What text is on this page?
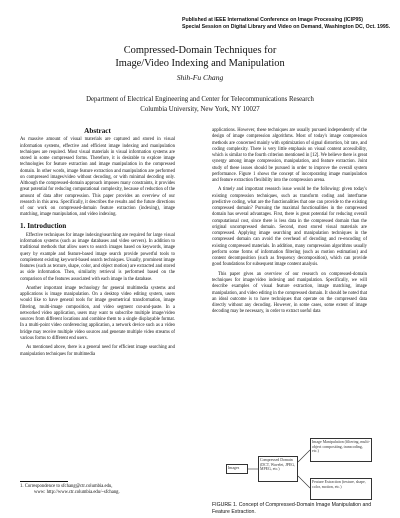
Published at IEEE International Conference on Image Processing (ICIP95)
Special Session on Digital Library and Video on Demand, Washington DC, Oct. 1995.
Compressed-Domain Techniques for
Image/Video Indexing and Manipulation
Shih-Fu Chang
Department of Electrical Engineering and Center for Telecommunications Research
Columbia University, New York, NY 10027
Abstract

As massive amount of visual materials are captured and stored in visual information systems, effective and efficient image indexing and manipulation techniques are required. Most visual materials in visual information systems are stored in some compressed forms. Therefore, it is desirable to explore image technologies for feature extraction and image manipulation in the compressed domain. In other words, image feature extraction and manipulation are performed on compressed images/video without decoding, or with minimal decoding only. Although the compressed-domain approach imposes many constraints, it provides great potential for reducing computational complexity, because of reduction of the amount of data after compression. This paper provides an overview of our research in this area. Specifically, it describes the results and the future directions of our work on compressed-domain feature extraction (indexing), image matching, image manipulation, and video indexing.

1. Introduction

Effective techniques for image indexing/searching are required for large visual information systems (such as image databases and video servers). In addition to traditional methods that allow users to search images based on keywords, image query by example and feature-based image search provide powerful tools to complement existing keyword-based search techniques. Usually, prominent image features (such as texture, shape, color, and object motion) are extracted and stored as side information. Then, similarity retrieval is performed based on the comparison of the features associated with each image in the database.

Another important image technology for general multimedia systems and applications is image manipulation. On a desktop video editing system, users would like to have general tools for image geometrical transformation, image filtering, multi-image composition, and video segment cut-and-paste. In a networked video application, users may want to subscribe multiple image/video sources from different locations and combine them to a single displayable format. In a multi-point video conferencing application, a network device such as a video bridge may receive multiple video sources and generate multiple video streams of various forms to different end users.

As mentioned above, there is a general need for efficient image searching and manipulation techniques for multimedia

1. Correspondence to sfchang@ctr.columbia.edu,
www: http://www.ctr.columbia.edu/~sfchang.

applications. However, these techniques are usually pursued independently of the design of image compression algorithms. Most of today's image compression methods are concerned mainly with optimization of signal distortion, bit rate, and coding complexity. There is very little emphasis on visual content accessibility, which is similar to the fourth criterion mentioned in [12]. We believe there is great synergy among image compression, manipulation, and feature extraction. Joint study of these issues should be pursued in order to improve the overall system performance. Figure 1 shows the concept of incorporating image manipulation and feature extraction flexibility into the compression arena.

A timely and important research issue would be the following: given today's existing compression techniques, such as transform coding and interframe predictive coding, what are the functionalities that one can provide to the existing compressed domain? Pursuing the maximal functionalities in the compressed domain has several advantages. First, there is great potential for reducing overall computational cost, since there is less data in the compressed domain than the original uncompressed domain. Second, most stored visual materials are compressed. Applying image searching and manipulation techniques in the compressed domain can avoid the overhead of decoding and re-encoding of existing compressed materials. In addition, many compression algorithms usually perform some forms of information filtering (such as motion estimation) and content decomposition (such as frequency decomposition), which can provide good foundations for subsequent image content analysis.

This paper gives an overview of our research on compressed-domain techniques for image/video indexing and manipulation. Specifically, we will describe examples of visual feature extraction, image matching, image manipulation, and video editing in the compressed domain. It should be noted that an ideal outcome is to have techniques that operate on the compressed data directly without any decoding. However, in some cases, some extent of image decoding may be necessary, in order to extract useful data

Images
Compressed Domain (DCT, Wavelet, JPEG, MPEG, etc.)
Image Manipulation (filtering, multi-object compositing, transcoding, etc.)
Feature Extraction (texture, shape, color, motion, etc.)
FIGURE 1. Concept of Compressed-Domain Image Manipulation and Feature Extraction.
